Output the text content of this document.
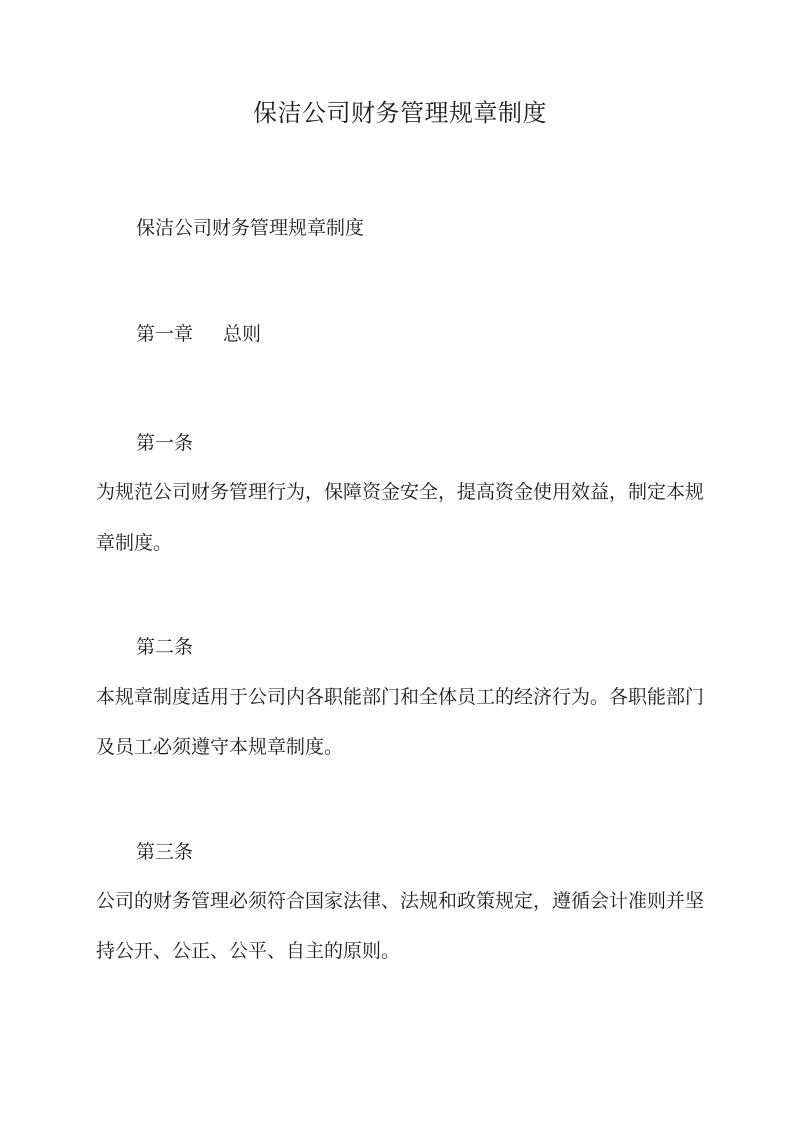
保洁公司财务管理规章制度
保洁公司财务管理规章制度
第一章 总则
第一条
为规范公司财务管理行为，保障资金安全，提高资金使用效益，制定本规
章制度。
第二条
本规章制度适用于公司内各职能部门和全体员工的经济行为。各职能部门
及员工必须遵守本规章制度。
第三条
公司的财务管理必须符合国家法律、法规和政策规定，遵循会计准则并坚
持公开、公正、公平、自主的原则。
